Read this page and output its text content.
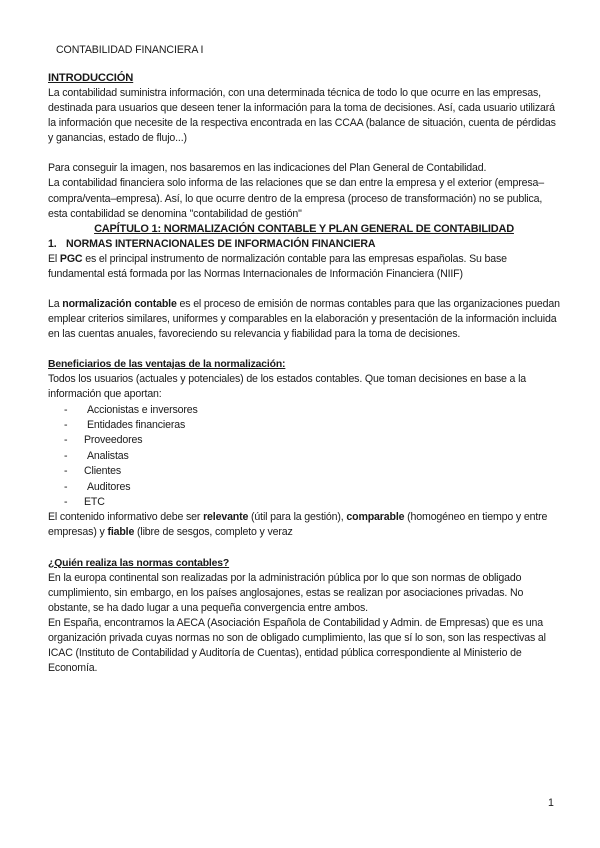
CONTABILIDAD FINANCIERA I

INTRODUCCIÓN

La contabilidad suministra información, con una determinada técnica de todo lo que ocurre en las empresas, destinada para usuarios que deseen tener la información para la toma de decisiones. Así, cada usuario utilizará la información que necesite de la respectiva encontrada en las CCAA (balance de situación, cuenta de pérdidas y ganancias, estado de flujo...)

Para conseguir la imagen, nos basaremos en las indicaciones del Plan General de Contabilidad.

La contabilidad financiera solo informa de las relaciones que se dan entre la empresa y el exterior (empresa–compra/venta–empresa). Así, lo que ocurre dentro de la empresa (proceso de transformación) no se publica, esta contabilidad se denomina "contabilidad de gestión"

CAPÍTULO 1: NORMALIZACIÓN CONTABLE Y PLAN GENERAL DE CONTABILIDAD

1. NORMAS INTERNACIONALES DE INFORMACIÓN FINANCIERA

El PGC es el principal instrumento de normalización contable para las empresas españolas. Su base fundamental está formada por las Normas Internacionales de Información Financiera (NIIF)

La normalización contable es el proceso de emisión de normas contables para que las organizaciones puedan emplear criterios similares, uniformes y comparables en la elaboración y presentación de la información incluida en las cuentas anuales, favoreciendo su relevancia y fiabilidad para la toma de decisiones.

Beneficiarios de las ventajas de la normalización:

Todos los usuarios (actuales y potenciales) de los estados contables. Que toman decisiones en base a la información que aportan:

- Accionistas e inversores
- Entidades financieras
- Proveedores
- Analistas
- Clientes
- Auditores
- ETC

El contenido informativo debe ser relevante (útil para la gestión), comparable (homogéneo en tiempo y entre empresas) y fiable (libre de sesgos, completo y veraz

¿Quién realiza las normas contables?

En la europa continental son realizadas por la administración pública por lo que son normas de obligado cumplimiento, sin embargo, en los países anglosajones, estas se realizan por asociaciones privadas. No obstante, se ha dado lugar a una pequeña convergencia entre ambos.

En España, encontramos la AECA (Asociación Española de Contabilidad y Admin. de Empresas) que es una organización privada cuyas normas no son de obligado cumplimiento, las que sí lo son, son las respectivas al ICAC (Instituto de Contabilidad y Auditoría de Cuentas), entidad pública correspondiente al Ministerio de Economía.

1
